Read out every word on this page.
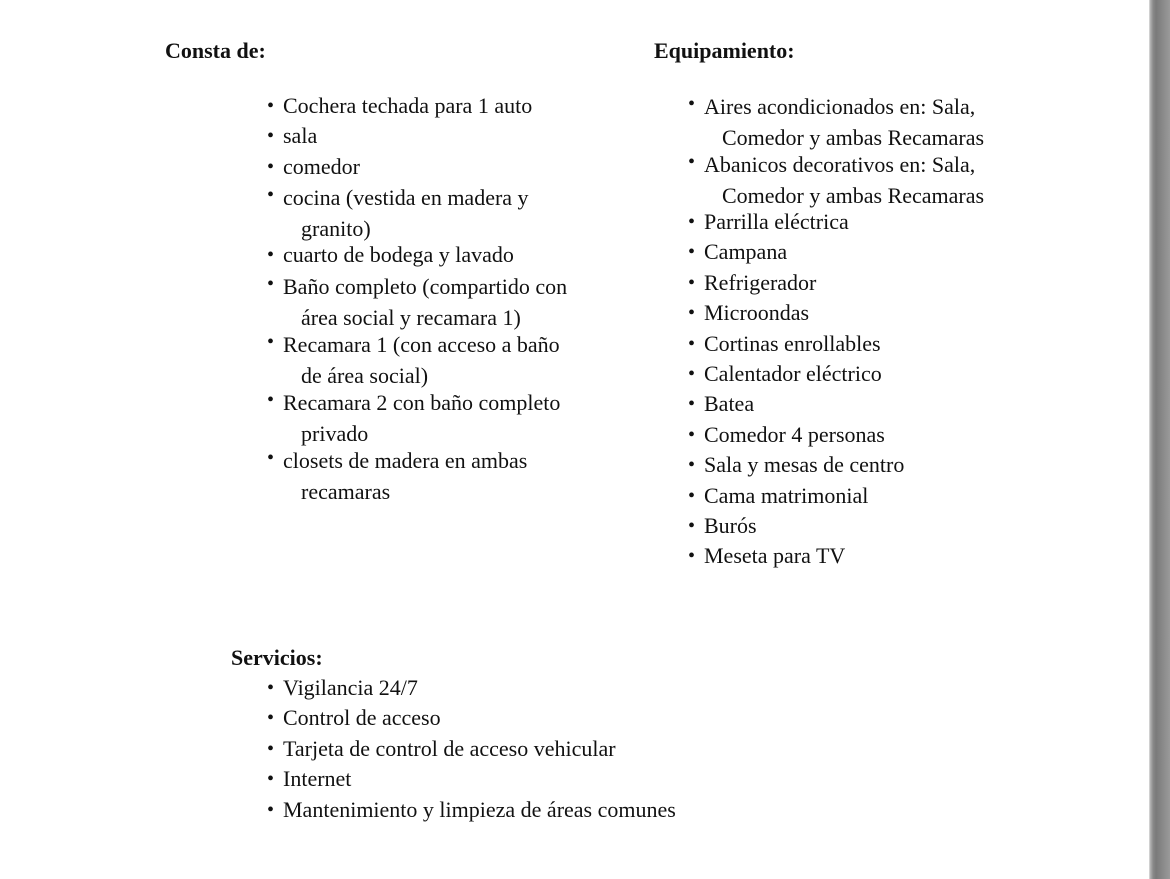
Consta de:
• Cochera techada para 1 auto
• sala
• comedor
• cocina (vestida en madera y
granito)
• cuarto de bodega y lavado
• Baño completo (compartido con
área social y recamara 1)
• Recamara 1 (con acceso a baño
de área social)
• Recamara 2 con baño completo
privado
• closets de madera en ambas
recamaras
Equipamiento:
• Aires acondicionados en: Sala,
Comedor y ambas Recamaras
• Abanicos decorativos en: Sala,
Comedor y ambas Recamaras
• Parrilla eléctrica
• Campana
• Refrigerador
• Microondas
• Cortinas enrollables
• Calentador eléctrico
• Batea
• Comedor 4 personas
• Sala y mesas de centro
• Cama matrimonial
• Burós
• Meseta para TV
Servicios:
• Vigilancia 24/7
• Control de acceso
• Tarjeta de control de acceso vehicular
• Internet
• Mantenimiento y limpieza de áreas comunes
